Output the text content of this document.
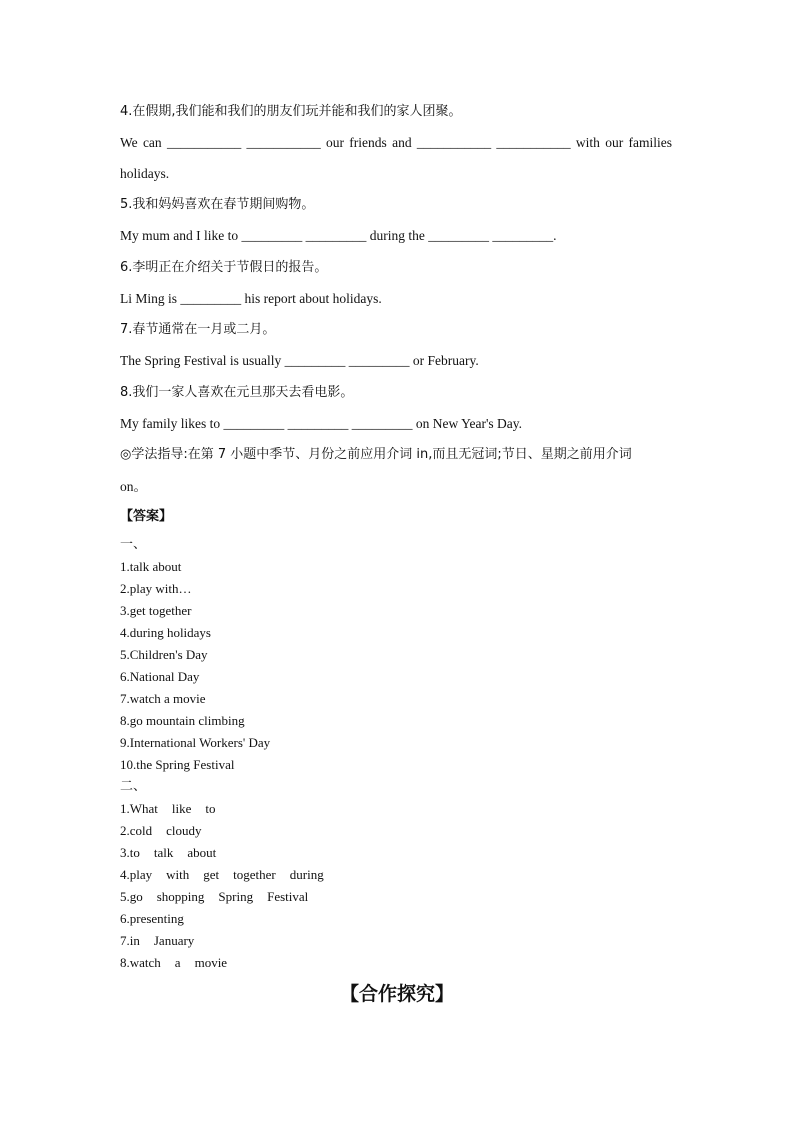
4.在假期,我们能和我们的朋友们玩并能和我们的家人团聚。
We can ___________ ___________ our friends and ___________ ___________ with our families
holidays.
5.我和妈妈喜欢在春节期间购物。
My mum and I like to _________ _________ during the _________ _________.
6.李明正在介绍关于节假日的报告。
Li Ming is _________ his report about holidays.
7.春节通常在一月或二月。
The Spring Festival is usually _________ _________ or February.
8.我们一家人喜欢在元旦那天去看电影。
My family likes to _________ _________ _________ on New Year's Day.
◎学法指导:在第 7 小题中季节、月份之前应用介词 in,而且无冠词;节日、星期之前用介词
on。
【答案】
一、
二、
【合作探究】
1.talk about
2.play with…
3.get together
4.during holidays
5.Children's Day
6.National Day
7.watch a movie
8.go mountain climbing
9.International Workers' Day
10.the Spring Festival
1.What like to
2.cold cloudy
3.to talk about
4.play with get together during
5.go shopping Spring Festival
6.presenting
7.in January
8.watch a movie
